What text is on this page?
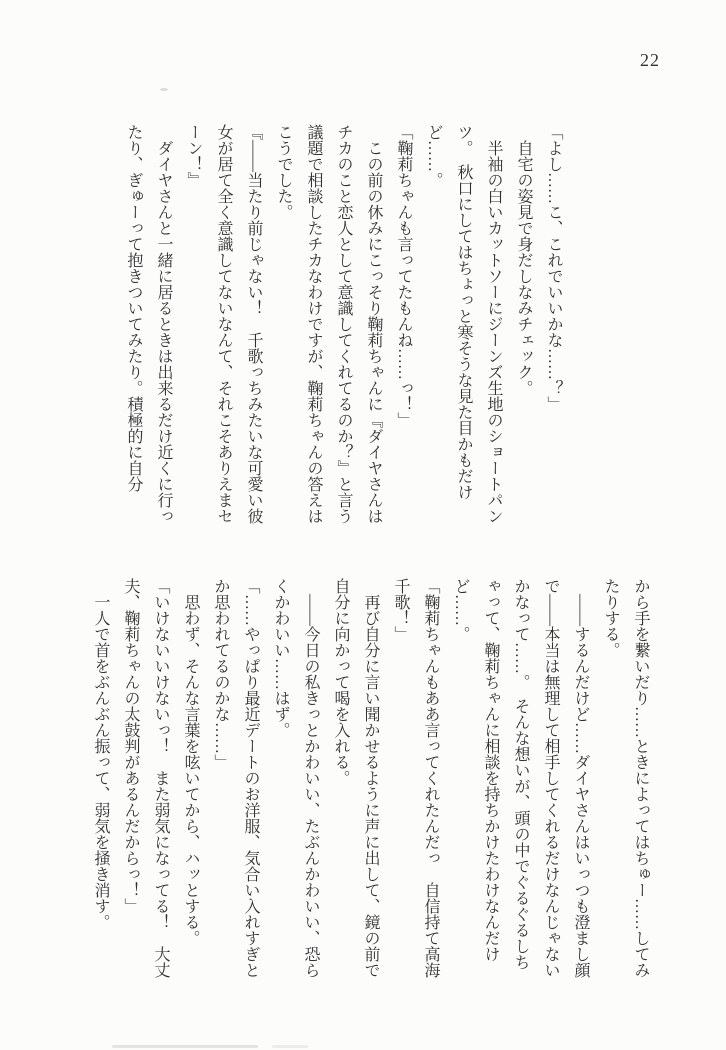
22

「よし……こ、これでいいかな……？」

自宅の姿見で身だしなみチェック。

半袖の白いカットソーにジーンズ生地のショートパンツ。　秋口にしてはちょっと寒そうな見た目かもだけど……。

「鞠莉ちゃんも言ってたもんね……っ！」

この前の休みにこっそり鞠莉ちゃんに『ダイヤさんはチカのこと恋人として意識してくれてるのか？』と言う議題で相談したチカなわけですが、鞠莉ちゃんの答えはこうでした。

『――当たり前じゃない！　千歌っちみたいな可愛い彼女が居て全く意識してないなんて、それこそありえまセーン！』

ダイヤさんと一緒に居るときは出来るだけ近くに行ったり、ぎゅーって抱きついてみたり。積極的に自分

から手を繋いだり……ときによってはちゅー……してみたりする。

――するんだけど……ダイヤさんはいっつも澄まし顔で――本当は無理して相手してくれるだけなんじゃないかなって……。　そんな想いが、頭の中でぐるぐるしちゃって、鞠莉ちゃんに相談を持ちかけたわけなんだけど……。

「鞠莉ちゃんもああ言ってくれたんだっ　自信持て高海千歌！」

再び自分に言い聞かせるように声に出して、鏡の前で自分に向かって喝を入れる。

――今日の私きっとかわいい、たぶんかわいい、恐らくかわいい……はず。

「……やっぱり最近デートのお洋服、気合い入れすぎとか思われてるのかな……」

思わず、そんな言葉を呟いてから、ハッとする。

「いけないいけないっ！　また弱気になってる！　大丈夫、鞠莉ちゃんの太鼓判があるんだからっ！」

一人で首をぶんぶん振って、弱気を掻き消す。
